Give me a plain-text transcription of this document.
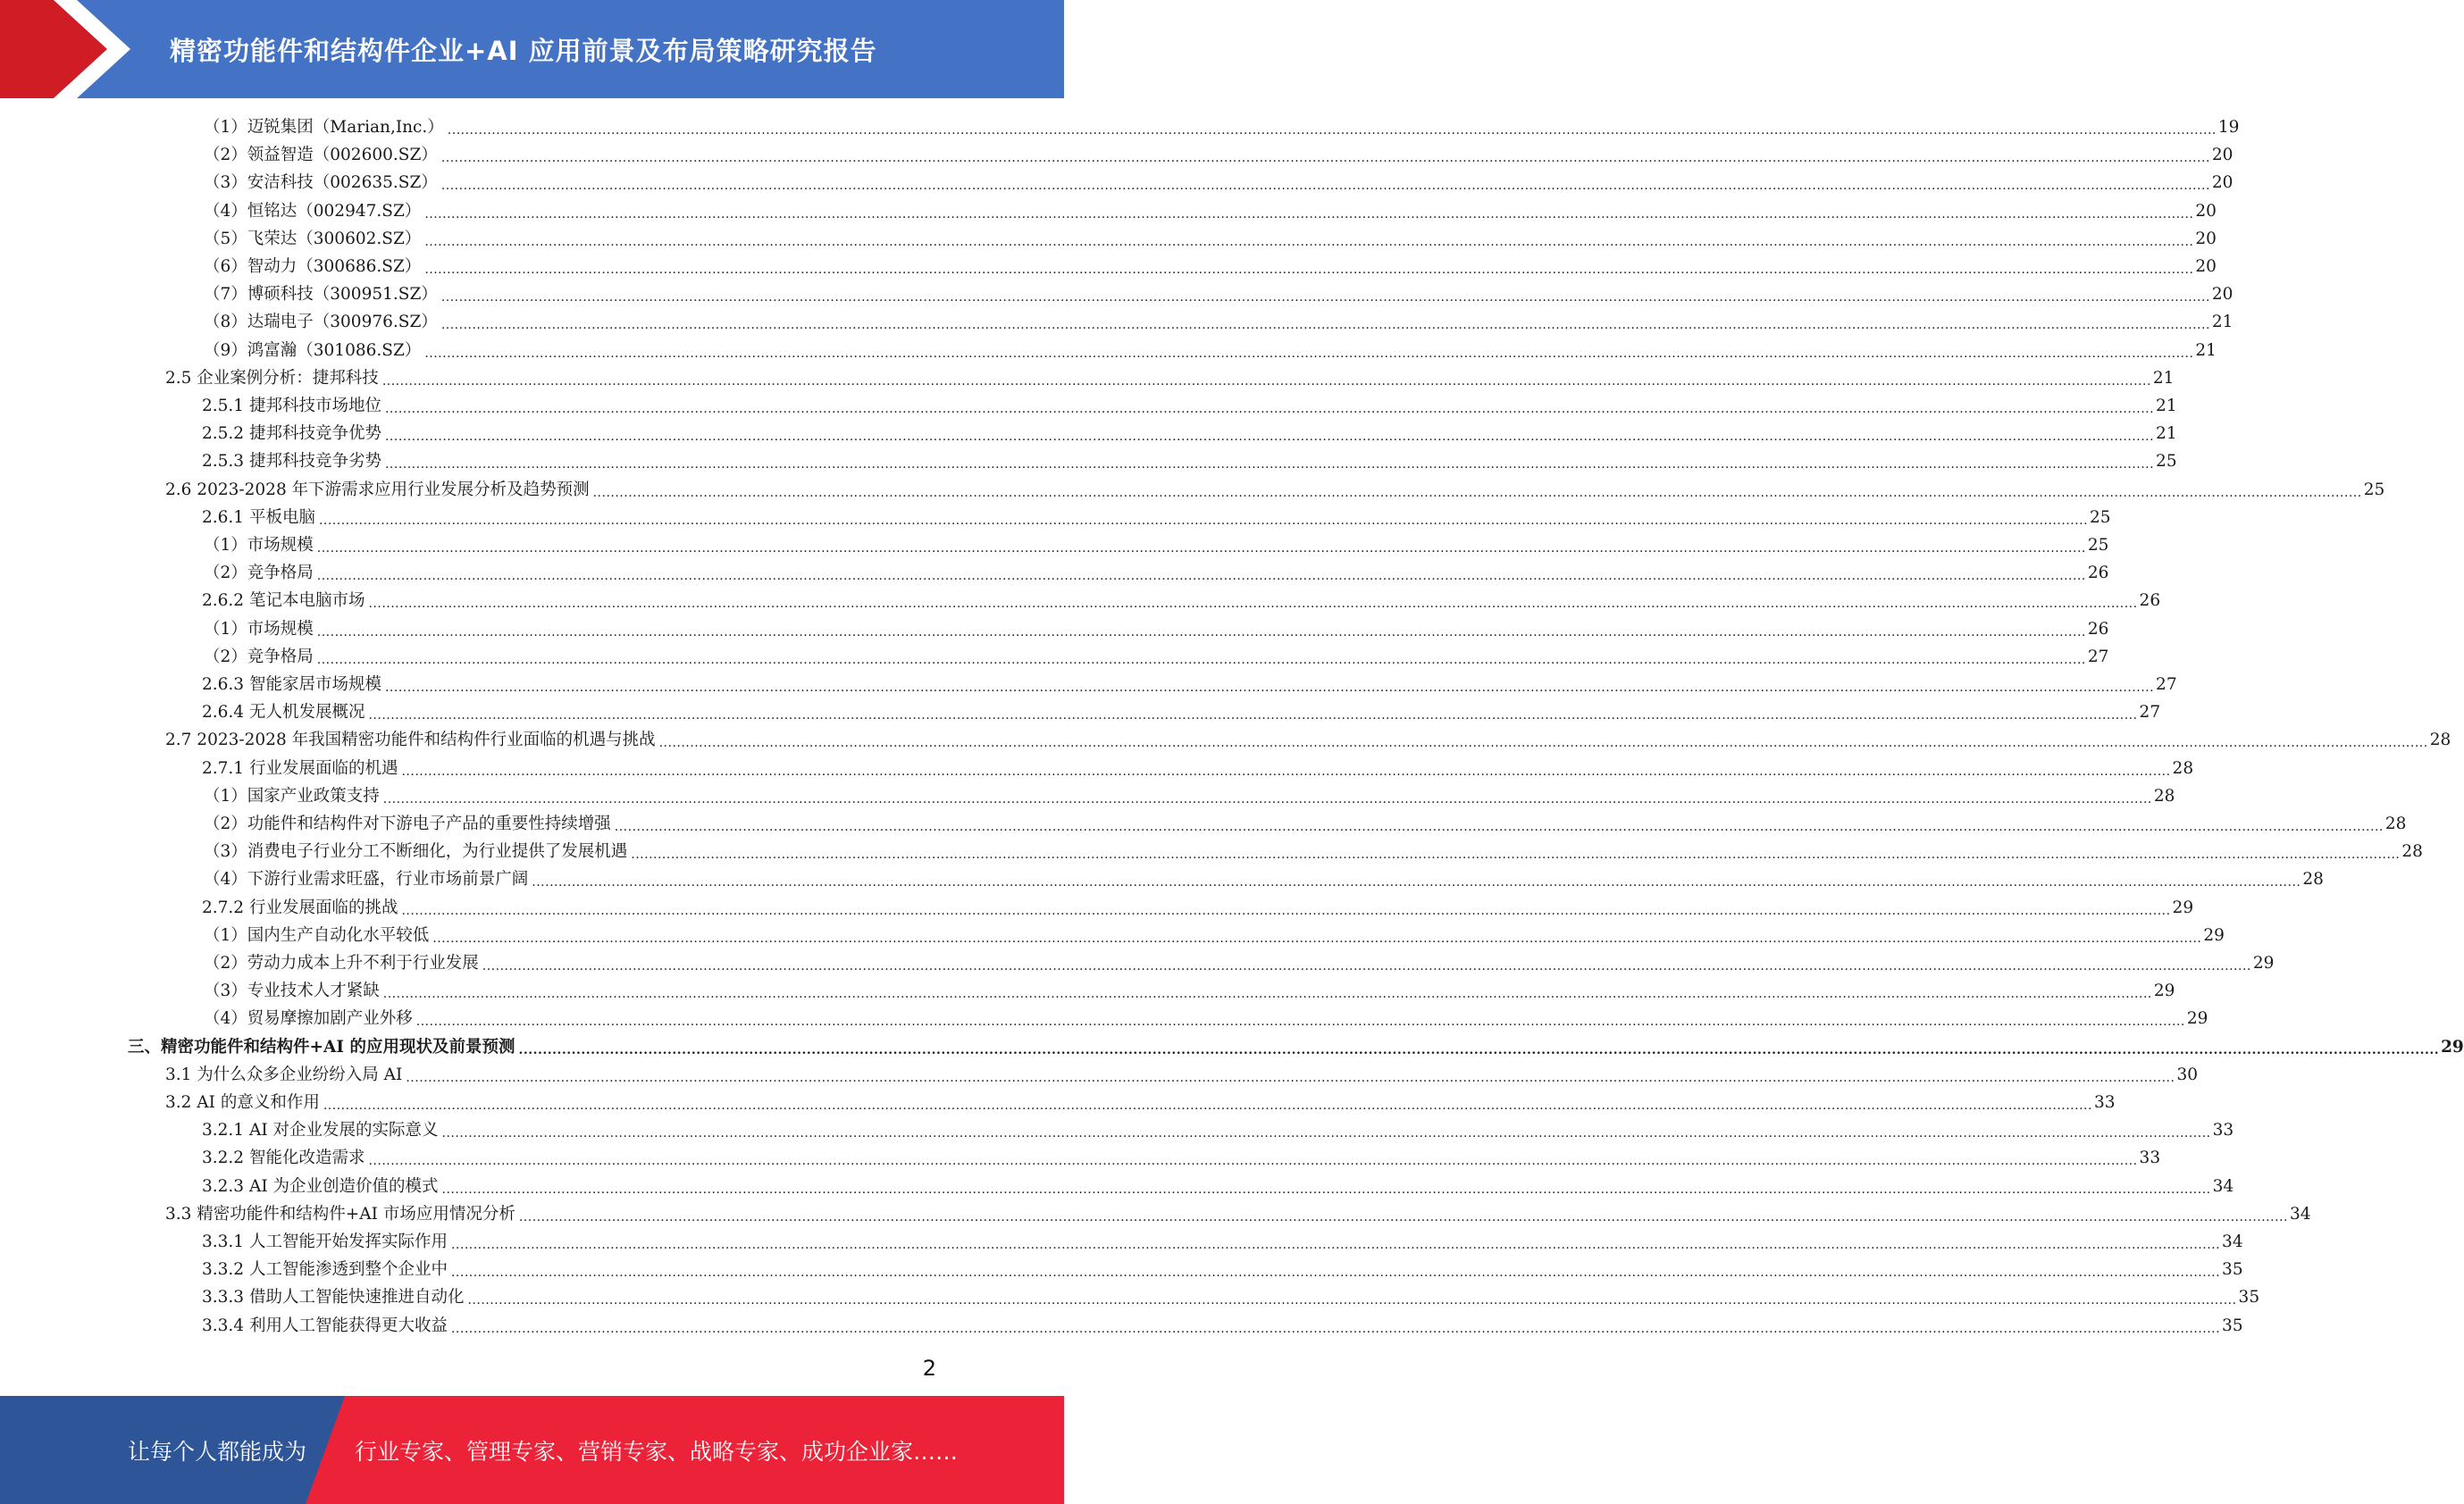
精密功能件和结构件企业+AI 应用前景及布局策略研究报告
（1）迈锐集团（Marian,Inc.） ................................................................................................................................................................................................................................................................................................................................................................................................................ 19
（2）领益智造（002600.SZ） ................................................................................................................................................................................................................................................................................................................................................................................................................ 20
（3）安洁科技（002635.SZ） ................................................................................................................................................................................................................................................................................................................................................................................................................ 20
（4）恒铭达（002947.SZ） ................................................................................................................................................................................................................................................................................................................................................................................................................ 20
（5）飞荣达（300602.SZ） ................................................................................................................................................................................................................................................................................................................................................................................................................ 20
（6）智动力（300686.SZ） ................................................................................................................................................................................................................................................................................................................................................................................................................ 20
（7）博硕科技（300951.SZ） ................................................................................................................................................................................................................................................................................................................................................................................................................ 20
（8）达瑞电子（300976.SZ） ................................................................................................................................................................................................................................................................................................................................................................................................................ 21
（9）鸿富瀚（301086.SZ） ................................................................................................................................................................................................................................................................................................................................................................................................................ 21
2.5 企业案例分析：捷邦科技 ................................................................................................................................................................................................................................................................................................................................................................................................................ 21
2.5.1 捷邦科技市场地位 ................................................................................................................................................................................................................................................................................................................................................................................................................ 21
2.5.2 捷邦科技竞争优势 ................................................................................................................................................................................................................................................................................................................................................................................................................ 21
2.5.3 捷邦科技竞争劣势 ................................................................................................................................................................................................................................................................................................................................................................................................................ 25
2.6 2023-2028 年下游需求应用行业发展分析及趋势预测 ................................................................................................................................................................................................................................................................................................................................................................................................................ 25
2.6.1 平板电脑 ................................................................................................................................................................................................................................................................................................................................................................................................................ 25
（1）市场规模 ................................................................................................................................................................................................................................................................................................................................................................................................................ 25
（2）竞争格局 ................................................................................................................................................................................................................................................................................................................................................................................................................ 26
2.6.2 笔记本电脑市场 ................................................................................................................................................................................................................................................................................................................................................................................................................ 26
（1）市场规模 ................................................................................................................................................................................................................................................................................................................................................................................................................ 26
（2）竞争格局 ................................................................................................................................................................................................................................................................................................................................................................................................................ 27
2.6.3 智能家居市场规模 ................................................................................................................................................................................................................................................................................................................................................................................................................ 27
2.6.4 无人机发展概况 ................................................................................................................................................................................................................................................................................................................................................................................................................ 27
2.7 2023-2028 年我国精密功能件和结构件行业面临的机遇与挑战 ................................................................................................................................................................................................................................................................................................................................................................................................................ 28
2.7.1 行业发展面临的机遇 ................................................................................................................................................................................................................................................................................................................................................................................................................ 28
（1）国家产业政策支持 ................................................................................................................................................................................................................................................................................................................................................................................................................ 28
（2）功能件和结构件对下游电子产品的重要性持续增强 ................................................................................................................................................................................................................................................................................................................................................................................................................ 28
（3）消费电子行业分工不断细化，为行业提供了发展机遇 ................................................................................................................................................................................................................................................................................................................................................................................................................ 28
（4）下游行业需求旺盛，行业市场前景广阔 ................................................................................................................................................................................................................................................................................................................................................................................................................ 28
2.7.2 行业发展面临的挑战 ................................................................................................................................................................................................................................................................................................................................................................................................................ 29
（1）国内生产自动化水平较低 ................................................................................................................................................................................................................................................................................................................................................................................................................ 29
（2）劳动力成本上升不利于行业发展 ................................................................................................................................................................................................................................................................................................................................................................................................................ 29
（3）专业技术人才紧缺 ................................................................................................................................................................................................................................................................................................................................................................................................................ 29
（4）贸易摩擦加剧产业外移 ................................................................................................................................................................................................................................................................................................................................................................................................................ 29
三、精密功能件和结构件+AI 的应用现状及前景预测 ................................................................................................................................................................................................................................................................................................................................................................................................................ 29
3.1 为什么众多企业纷纷入局 AI ................................................................................................................................................................................................................................................................................................................................................................................................................ 30
3.2 AI 的意义和作用 ................................................................................................................................................................................................................................................................................................................................................................................................................ 33
3.2.1 AI 对企业发展的实际意义 ................................................................................................................................................................................................................................................................................................................................................................................................................ 33
3.2.2 智能化改造需求 ................................................................................................................................................................................................................................................................................................................................................................................................................ 33
3.2.3 AI 为企业创造价值的模式 ................................................................................................................................................................................................................................................................................................................................................................................................................ 34
3.3 精密功能件和结构件+AI 市场应用情况分析 ................................................................................................................................................................................................................................................................................................................................................................................................................ 34
3.3.1 人工智能开始发挥实际作用 ................................................................................................................................................................................................................................................................................................................................................................................................................ 34
3.3.2 人工智能渗透到整个企业中 ................................................................................................................................................................................................................................................................................................................................................................................................................ 35
3.3.3 借助人工智能快速推进自动化 ................................................................................................................................................................................................................................................................................................................................................................................................................ 35
3.3.4 利用人工智能获得更大收益 ................................................................................................................................................................................................................................................................................................................................................................................................................ 35
2
让每个人都能成为	行业专家、管理专家、营销专家、战略专家、成功企业家……
